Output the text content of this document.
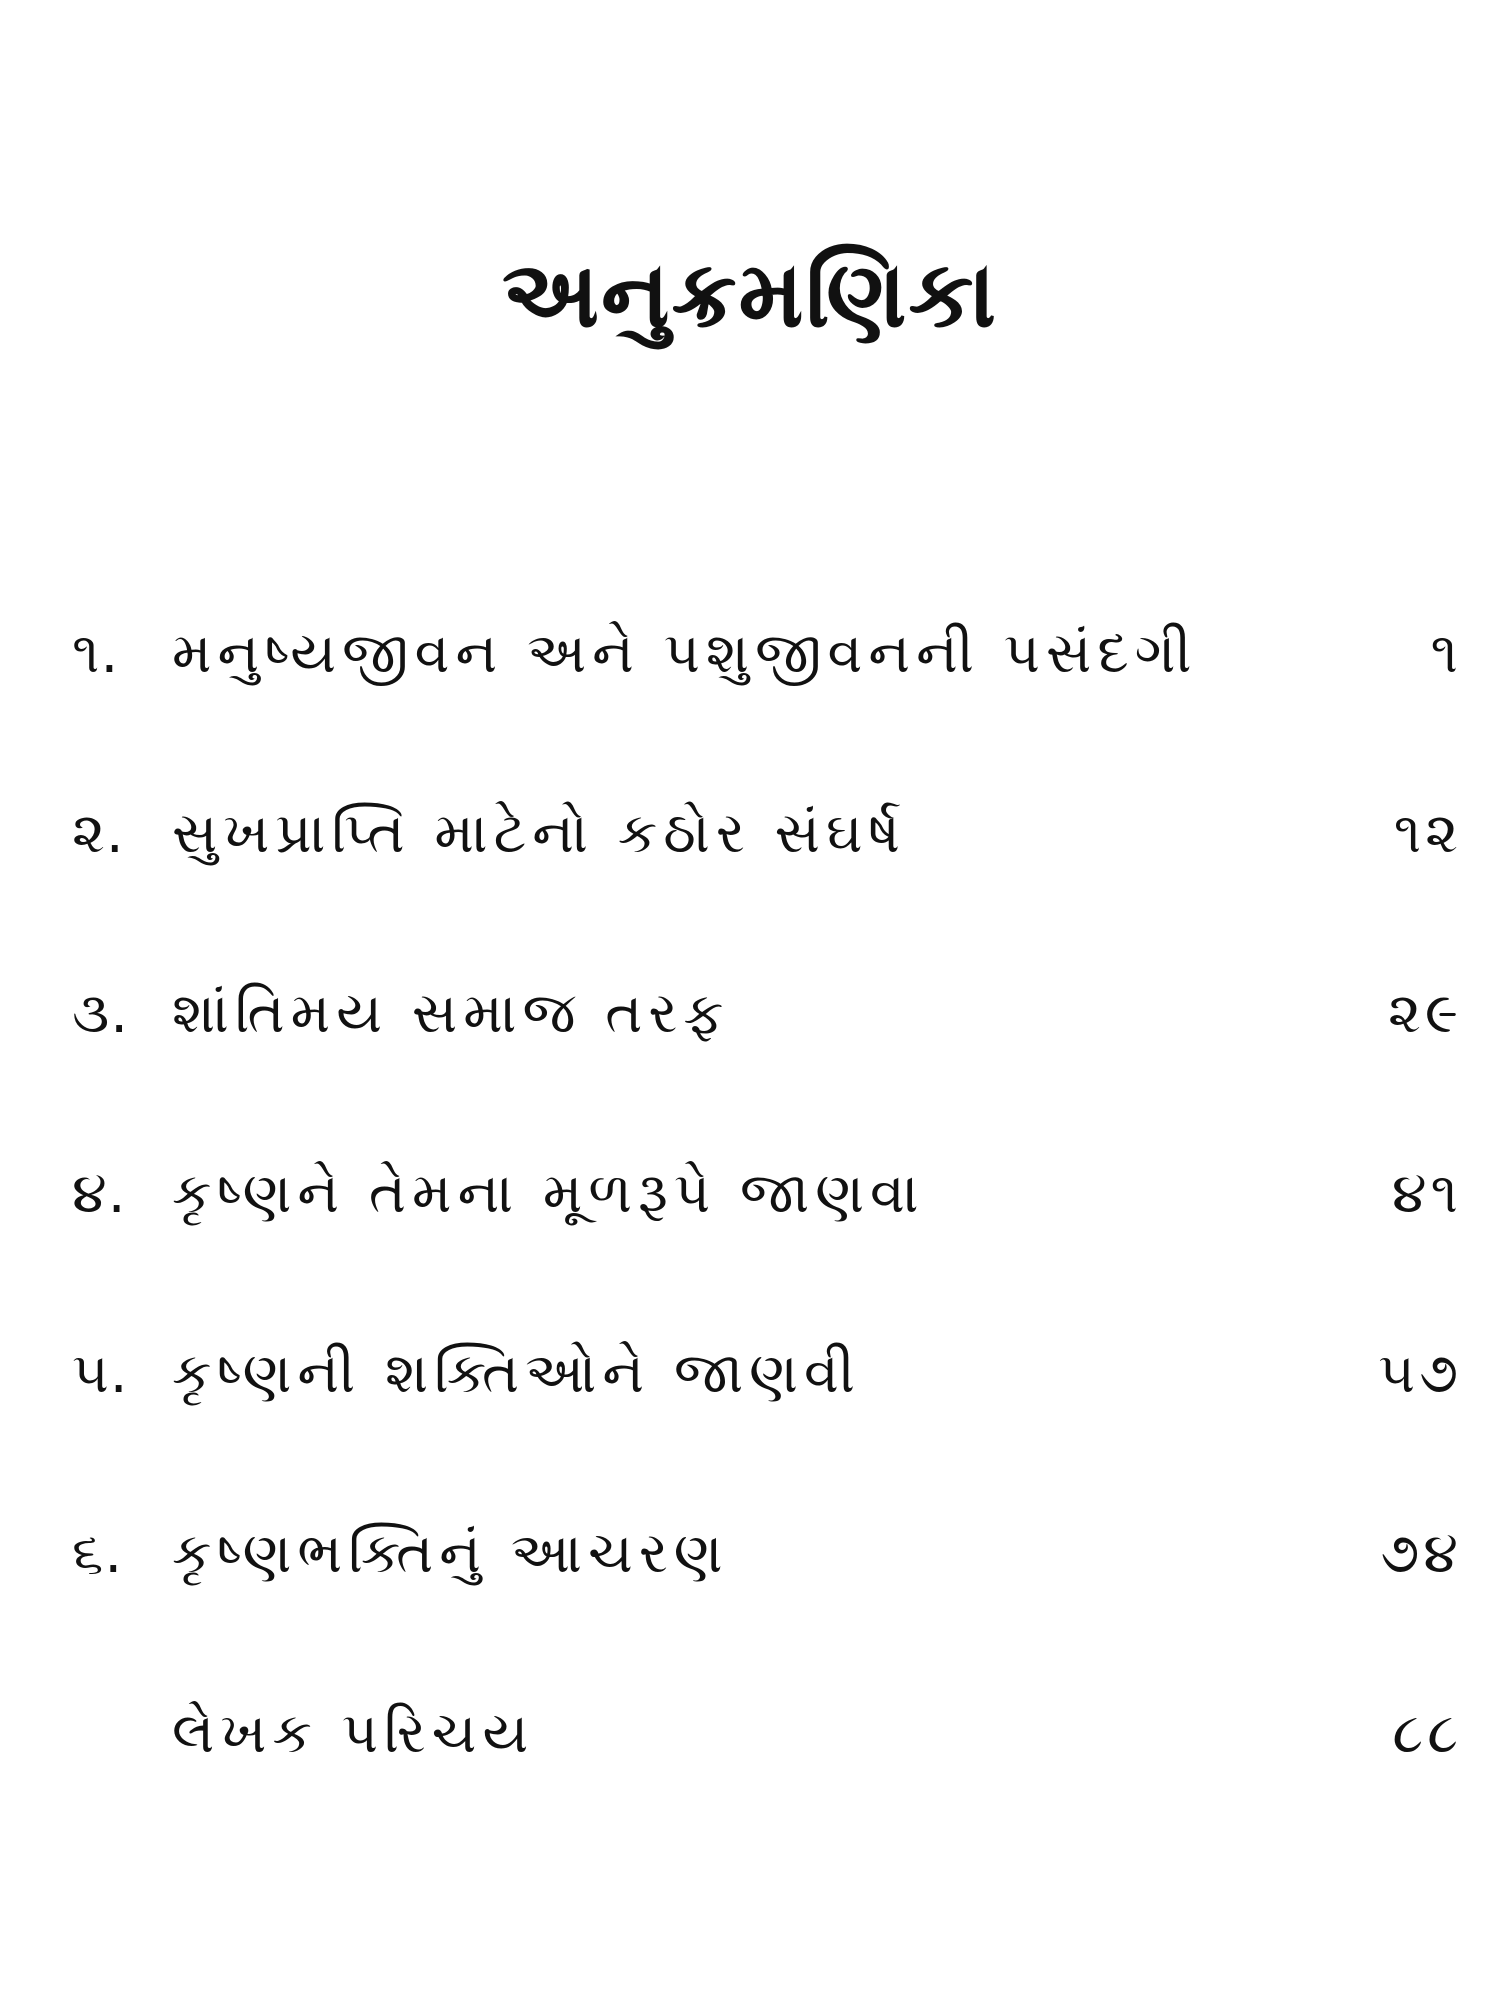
અનુક્રમણિકા
૧. મનુષ્યજીવન અને પશુજીવનની પસંદગી	૧
૨. સુખપ્રાપ્તિ માટેનો કઠોર સંઘર્ષ	૧૨
૩. શાંતિમય સમાજ તરફ	૨૯
૪. કૃષ્ણને તેમના મૂળરૂપે જાણવા	૪૧
૫. કૃષ્ણની શક્તિઓને જાણવી	૫૭
૬. કૃષ્ણભક્તિનું આચરણ	૭૪
લેખક પરિચય	૮૮
